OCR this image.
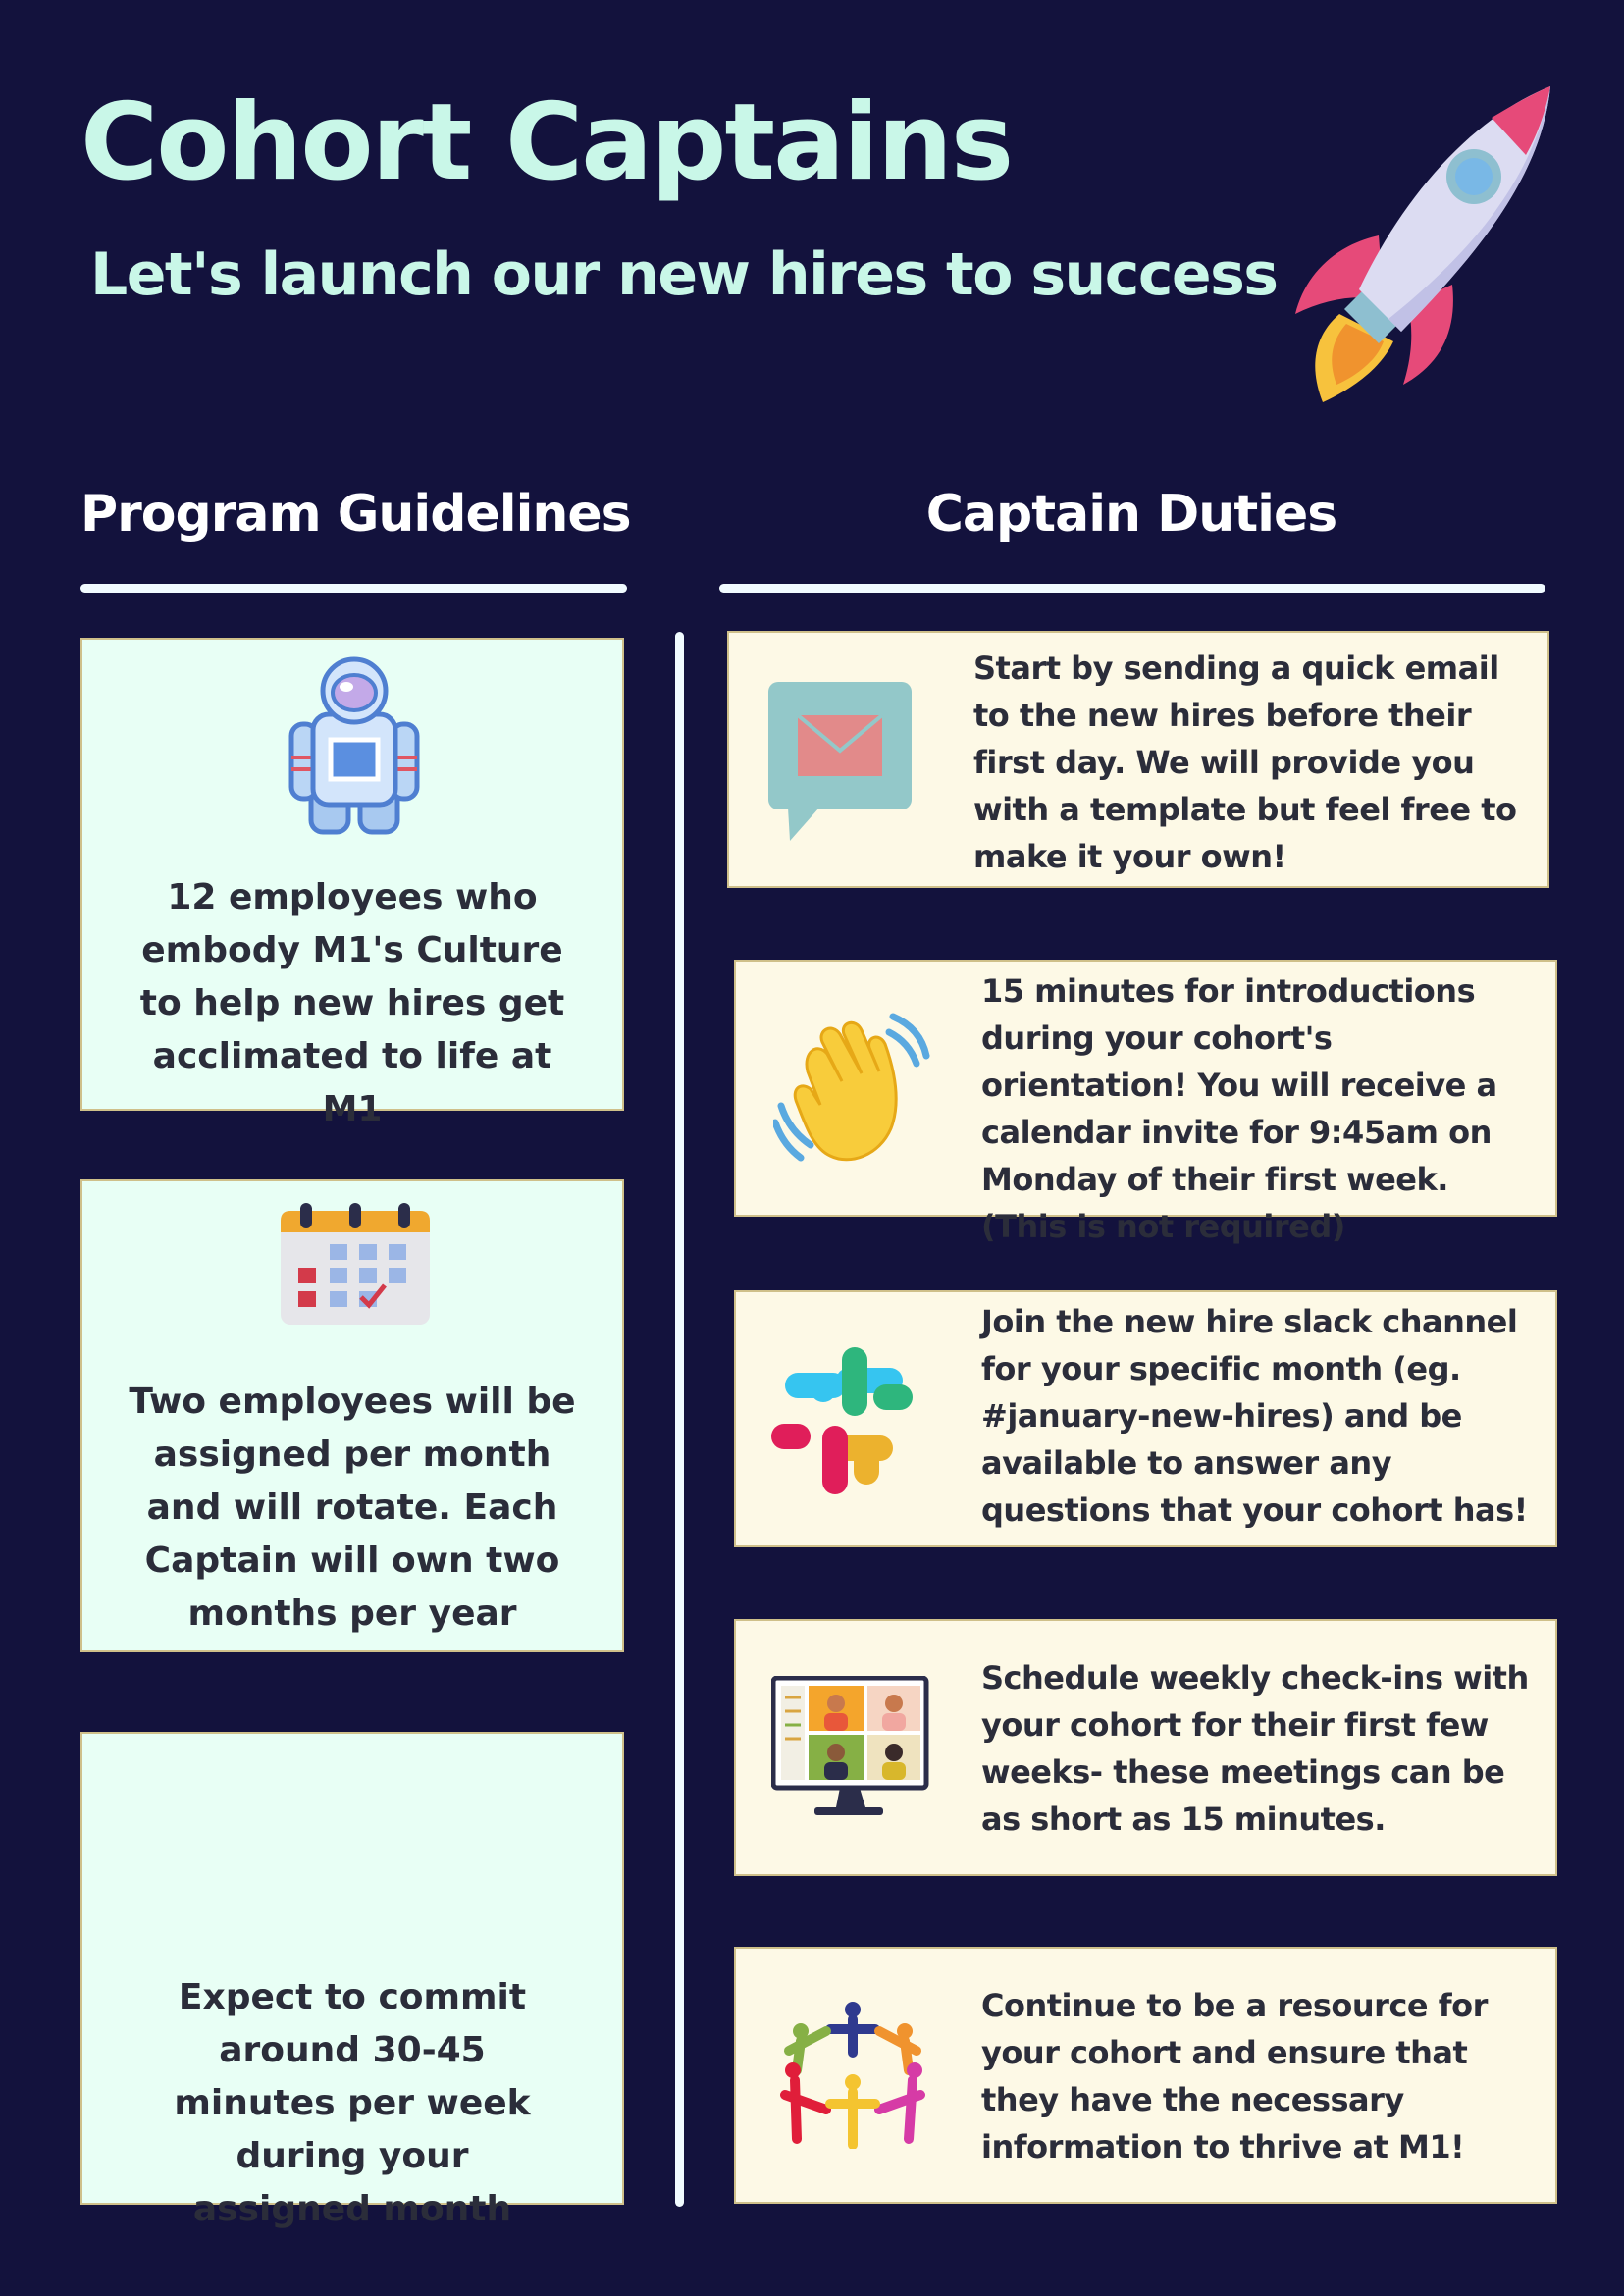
Cohort Captains
Let's launch our new hires to success
Program Guidelines	Captain Duties
12 employees who embody M1's Culture to help new hires get acclimated to life at M1
Two employees will be assigned per month and will rotate. Each Captain will own two months per year
Expect to commit around 30-45 minutes per week during your assigned month
Start by sending a quick email to the new hires before their first day. We will provide you with a template but feel free to make it your own!
15 minutes for introductions during your cohort's orientation! You will receive a calendar invite for 9:45am on Monday of their first week. (This is not required)
Join the new hire slack channel for your specific month (eg. #january-new-hires) and be available to answer any questions that your cohort has!
Schedule weekly check-ins with your cohort for their first few weeks- these meetings can be as short as 15 minutes.
Continue to be a resource for your cohort and ensure that they have the necessary information to thrive at M1!
